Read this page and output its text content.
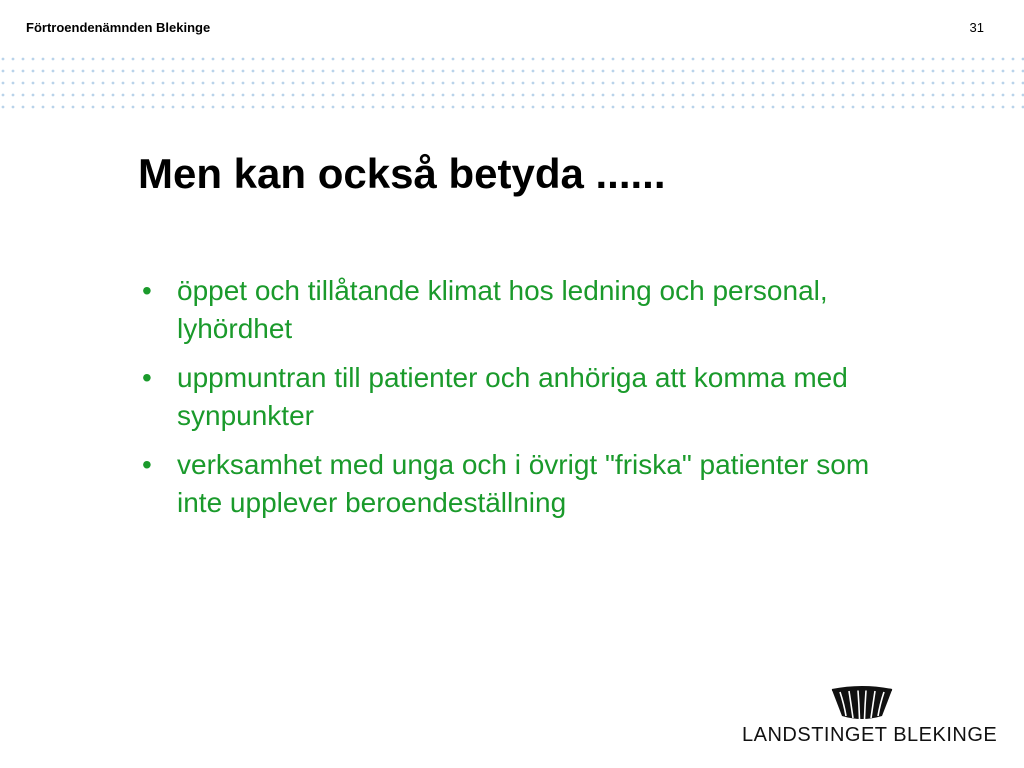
Förtroendenämnden Blekinge	31
Men kan också betyda ......
• öppet och tillåtande klimat hos ledning och personal, lyhördhet
• uppmuntran till patienter och anhöriga att komma med synpunkter
• verksamhet med unga och i övrigt "friska" patienter som inte upplever beroendeställning
LANDSTINGET BLEKINGE
